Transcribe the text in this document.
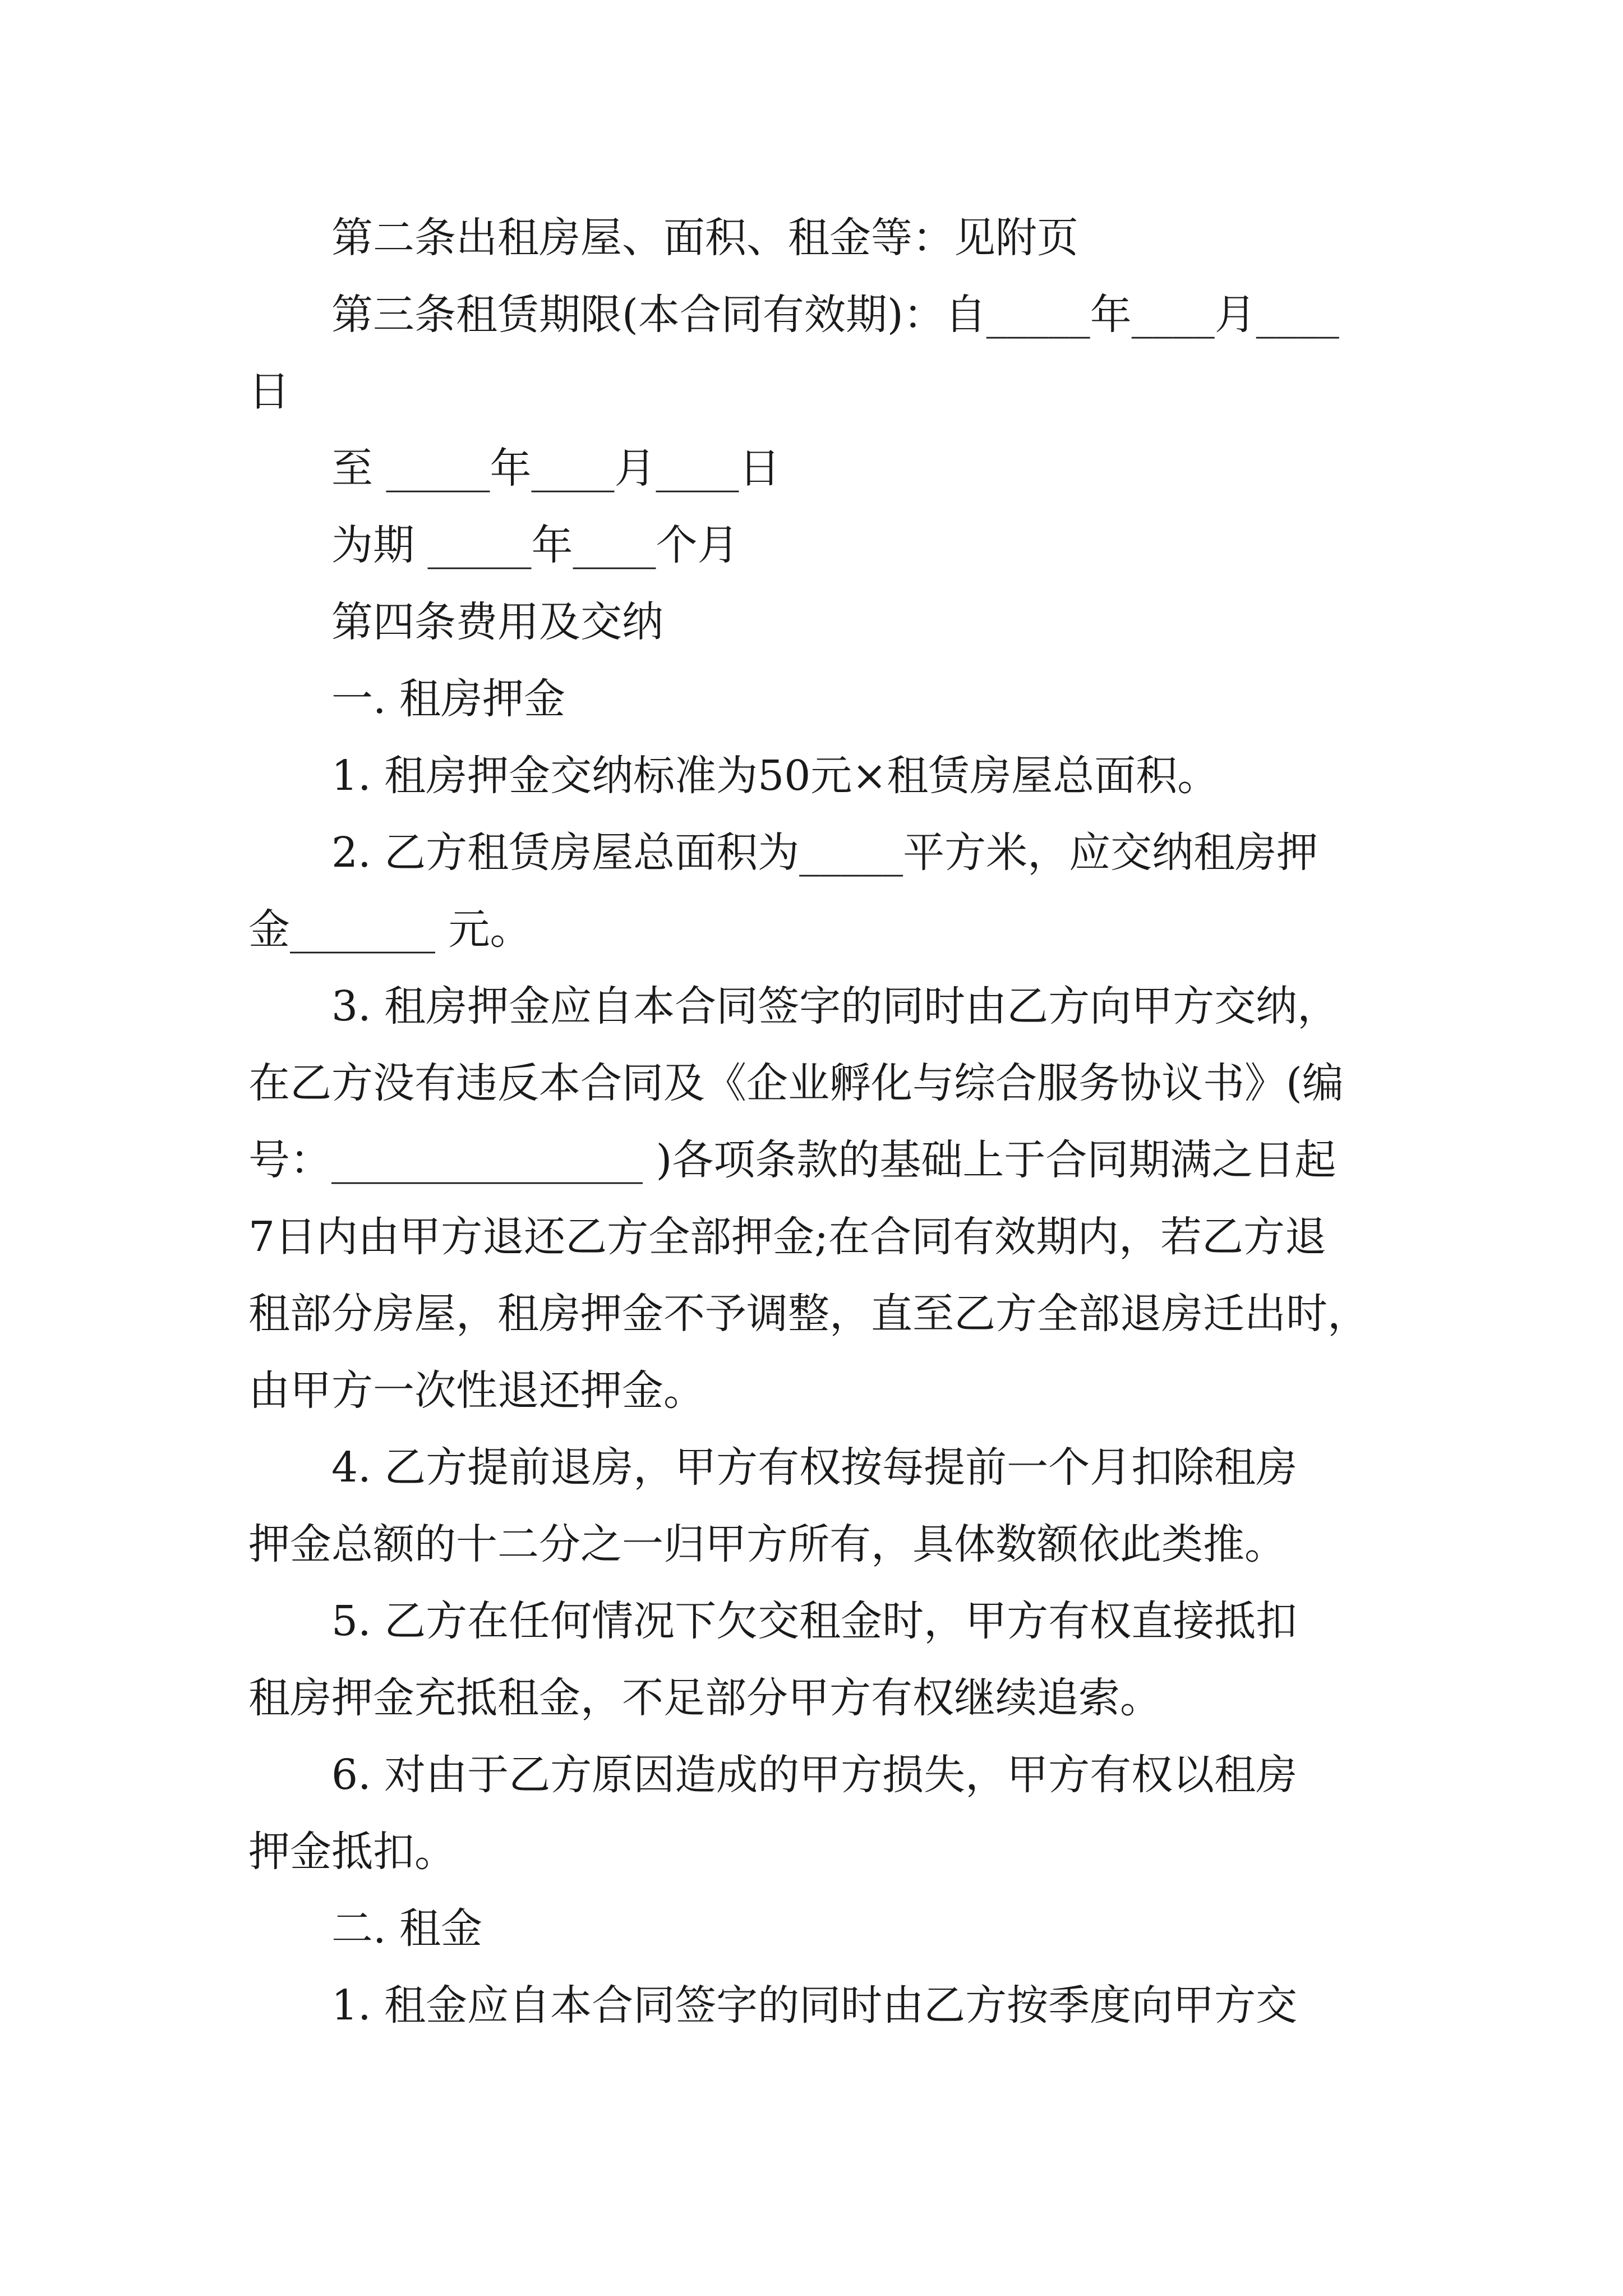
第二条出租房屋、面积、租金等：见附页

第三条租赁期限(本合同有效期)：自_____年____月____

日

至 _____年____月____日

为期 _____年____个月

第四条费用及交纳

一. 租房押金

1. 租房押金交纳标准为50元×租赁房屋总面积。

2. 乙方租赁房屋总面积为_____平方米，应交纳租房押

金_______ 元。

3. 租房押金应自本合同签字的同时由乙方向甲方交纳，

在乙方没有违反本合同及《企业孵化与综合服务协议书》(编

号：_______________ )各项条款的基础上于合同期满之日起

7日内由甲方退还乙方全部押金;在合同有效期内，若乙方退

租部分房屋，租房押金不予调整，直至乙方全部退房迁出时，

由甲方一次性退还押金。

4. 乙方提前退房，甲方有权按每提前一个月扣除租房

押金总额的十二分之一归甲方所有，具体数额依此类推。

5. 乙方在任何情况下欠交租金时，甲方有权直接抵扣

租房押金充抵租金，不足部分甲方有权继续追索。

6. 对由于乙方原因造成的甲方损失，甲方有权以租房

押金抵扣。

二. 租金

1. 租金应自本合同签字的同时由乙方按季度向甲方交
